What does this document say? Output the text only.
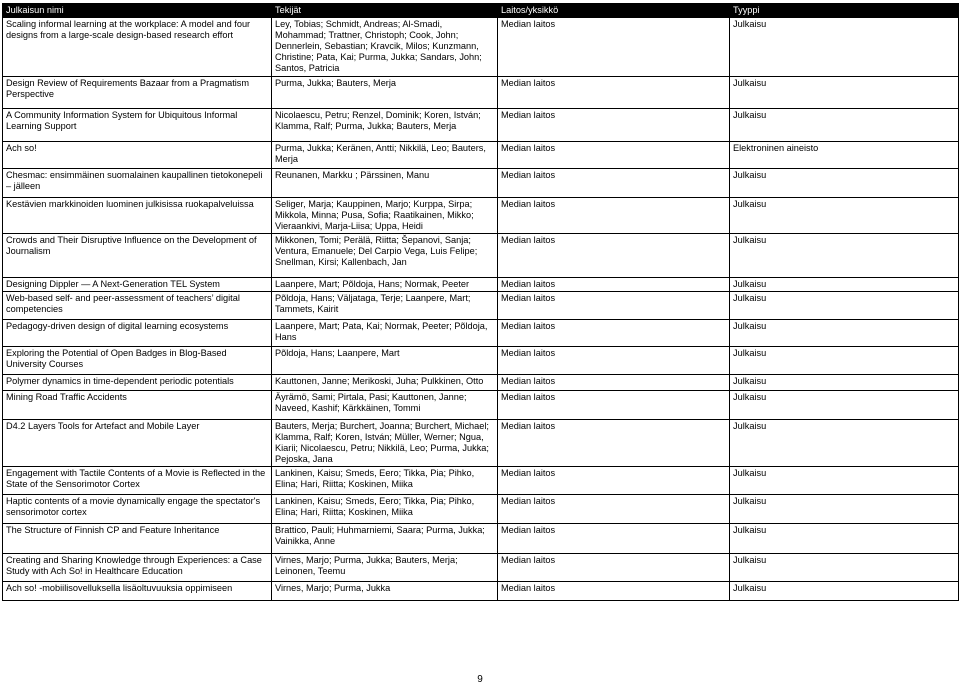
Julkaisun nimi	Tekijät	Laitos/yksikkö	Tyyppi
Scaling informal learning at the workplace: A model and four designs from a large-scale design-based research effort	Ley, Tobias; Schmidt, Andreas; Al-Smadi, Mohammad; Trattner, Christoph; Cook, John; Dennerlein, Sebastian; Kravcik, Milos; Kunzmann, Christine; Pata, Kai; Purma, Jukka; Sandars, John; Santos, Patricia	Median laitos	Julkaisu
Design Review of Requirements Bazaar from a Pragmatism Perspective	Purma, Jukka; Bauters, Merja	Median laitos	Julkaisu
A Community Information System for Ubiquitous Informal Learning Support	Nicolaescu, Petru; Renzel, Dominik; Koren, István; Klamma, Ralf; Purma, Jukka; Bauters, Merja	Median laitos	Julkaisu
Ach so!	Purma, Jukka; Keränen, Antti; Nikkilä, Leo; Bauters, Merja	Median laitos	Elektroninen aineisto
Chesmac: ensimmäinen suomalainen kaupallinen tietokonepeli – jälleen	Reunanen, Markku ; Pärssinen, Manu	Median laitos	Julkaisu
Kestävien markkinoiden luominen julkisissa ruokapalveluissa	Seliger, Marja; Kauppinen, Marjo; Kurppa, Sirpa; Mikkola, Minna; Pusa, Sofia; Raatikainen, Mikko; Vieraankivi, Marja-Liisa; Uppa, Heidi	Median laitos	Julkaisu
Crowds and Their Disruptive Influence on the Development of Journalism	Mikkonen, Tomi; Perälä, Riitta; Šepanovi, Sanja; Ventura, Emanuele; Del Carpio Vega, Luis Felipe; Snellman, Kirsi; Kallenbach, Jan	Median laitos	Julkaisu
Designing Dippler ― A Next-Generation TEL System	Laanpere, Mart; Põldoja, Hans; Normak, Peeter	Median laitos	Julkaisu
Web-based self- and peer-assessment of teachers’ digital competencies	Põldoja, Hans; Väljataga, Terje; Laanpere, Mart; Tammets, Kairit	Median laitos	Julkaisu
Pedagogy-driven design of digital learning ecosystems	Laanpere, Mart; Pata, Kai; Normak, Peeter; Põldoja, Hans	Median laitos	Julkaisu
Exploring the Potential of Open Badges in Blog-Based University Courses	Põldoja, Hans; Laanpere, Mart	Median laitos	Julkaisu
Polymer dynamics in time-dependent periodic potentials	Kauttonen, Janne; Merikoski, Juha; Pulkkinen, Otto	Median laitos	Julkaisu
Mining Road Traffic Accidents	Äyrämö, Sami; Pirtala, Pasi; Kauttonen, Janne; Naveed, Kashif; Kärkkäinen, Tommi	Median laitos	Julkaisu
D4.2 Layers Tools for Artefact and Mobile Layer	Bauters, Merja; Burchert, Joanna; Burchert, Michael; Klamma, Ralf; Koren, István; Müller, Werner; Ngua, Kiarii; Nicolaescu, Petru; Nikkilä, Leo; Purma, Jukka; Pejoska, Jana	Median laitos	Julkaisu
Engagement with Tactile Contents of a Movie is Reflected in the State of the Sensorimotor Cortex	Lankinen, Kaisu; Smeds, Eero; Tikka, Pia; Pihko, Elina; Hari, Riitta; Koskinen, Miika	Median laitos	Julkaisu
Haptic contents of a movie dynamically engage the spectator's sensorimotor cortex	Lankinen, Kaisu; Smeds, Eero; Tikka, Pia; Pihko, Elina; Hari, Riitta; Koskinen, Miika	Median laitos	Julkaisu
The Structure of Finnish CP and Feature Inheritance	Brattico, Pauli; Huhmarniemi, Saara; Purma, Jukka; Vainikka, Anne	Median laitos	Julkaisu
Creating and Sharing Knowledge through Experiences: a Case Study with Ach So! in Healthcare Education	Virnes, Marjo; Purma, Jukka; Bauters, Merja; Leinonen, Teemu	Median laitos	Julkaisu
Ach so! -mobiilisovelluksella lisäoltuvuuksia oppimiseen	Virnes, Marjo; Purma, Jukka	Median laitos	Julkaisu
9
